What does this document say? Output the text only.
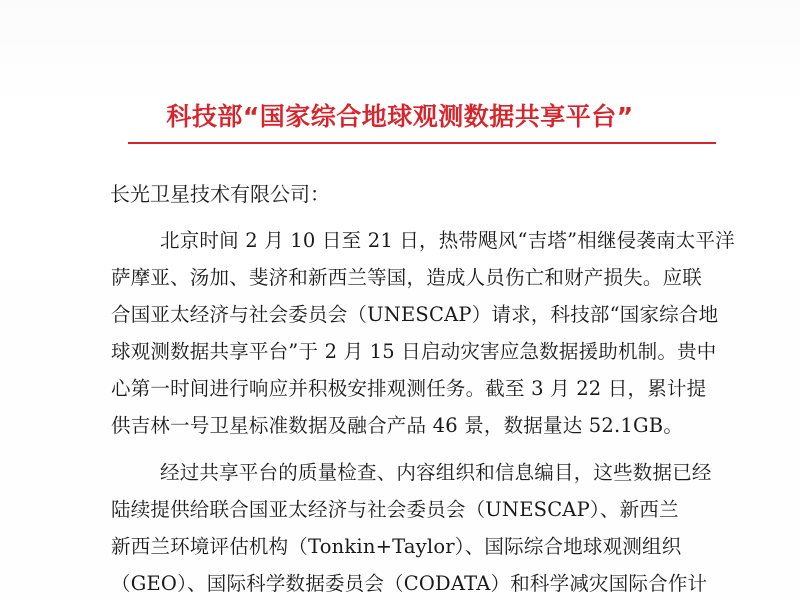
科技部“国家综合地球观测数据共享平台”
长光卫星技术有限公司：
北京时间 2 月 10 日至 21 日，热带飓风“吉塔”相继侵袭南太平洋
萨摩亚、汤加、斐济和新西兰等国，造成人员伤亡和财产损失。应联
合国亚太经济与社会委员会（UNESCAP）请求，科技部“国家综合地
球观测数据共享平台”于 2 月 15 日启动灾害应急数据援助机制。贵中
心第一时间进行响应并积极安排观测任务。截至 3 月 22 日，累计提
供吉林一号卫星标准数据及融合产品 46 景，数据量达 52.1GB。
经过共享平台的质量检查、内容组织和信息编目，这些数据已经
陆续提供给联合国亚太经济与社会委员会（UNESCAP）、新西兰
新西兰环境评估机构（Tonkin+Taylor）、国际综合地球观测组织
（GEO）、国际科学数据委员会（CODATA）和科学减灾国际合作计
